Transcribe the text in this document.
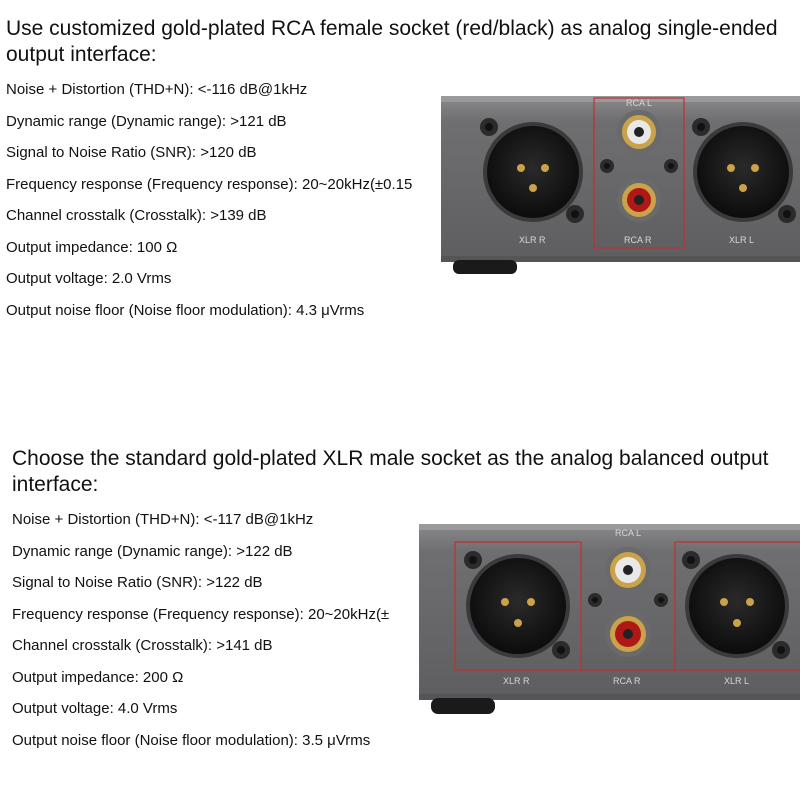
Use customized gold-plated RCA female socket (red/black) as analog single-ended output interface:
Noise + Distortion (THD+N): <-116 dB@1kHz
Dynamic range (Dynamic range): >121 dB
Signal to Noise Ratio (SNR): >120 dB
Frequency response (Frequency response): 20~20kHz(±0.15
Channel crosstalk (Crosstalk): >139 dB
Output impedance: 100 Ω
Output voltage: 2.0 Vrms
Output noise floor (Noise floor modulation): 4.3 μVrms
RCA L
RCA R
XLR R	XLR L
Choose the standard gold-plated XLR male socket as the analog balanced output interface:
Noise + Distortion (THD+N): <-117 dB@1kHz
Dynamic range (Dynamic range): >122 dB
Signal to Noise Ratio (SNR): >122 dB
Frequency response (Frequency response): 20~20kHz(±
Channel crosstalk (Crosstalk): >141 dB
Output impedance: 200 Ω
Output voltage: 4.0 Vrms
Output noise floor (Noise floor modulation): 3.5 μVrms
RCA L
RCA R
XLR R	XLR L
